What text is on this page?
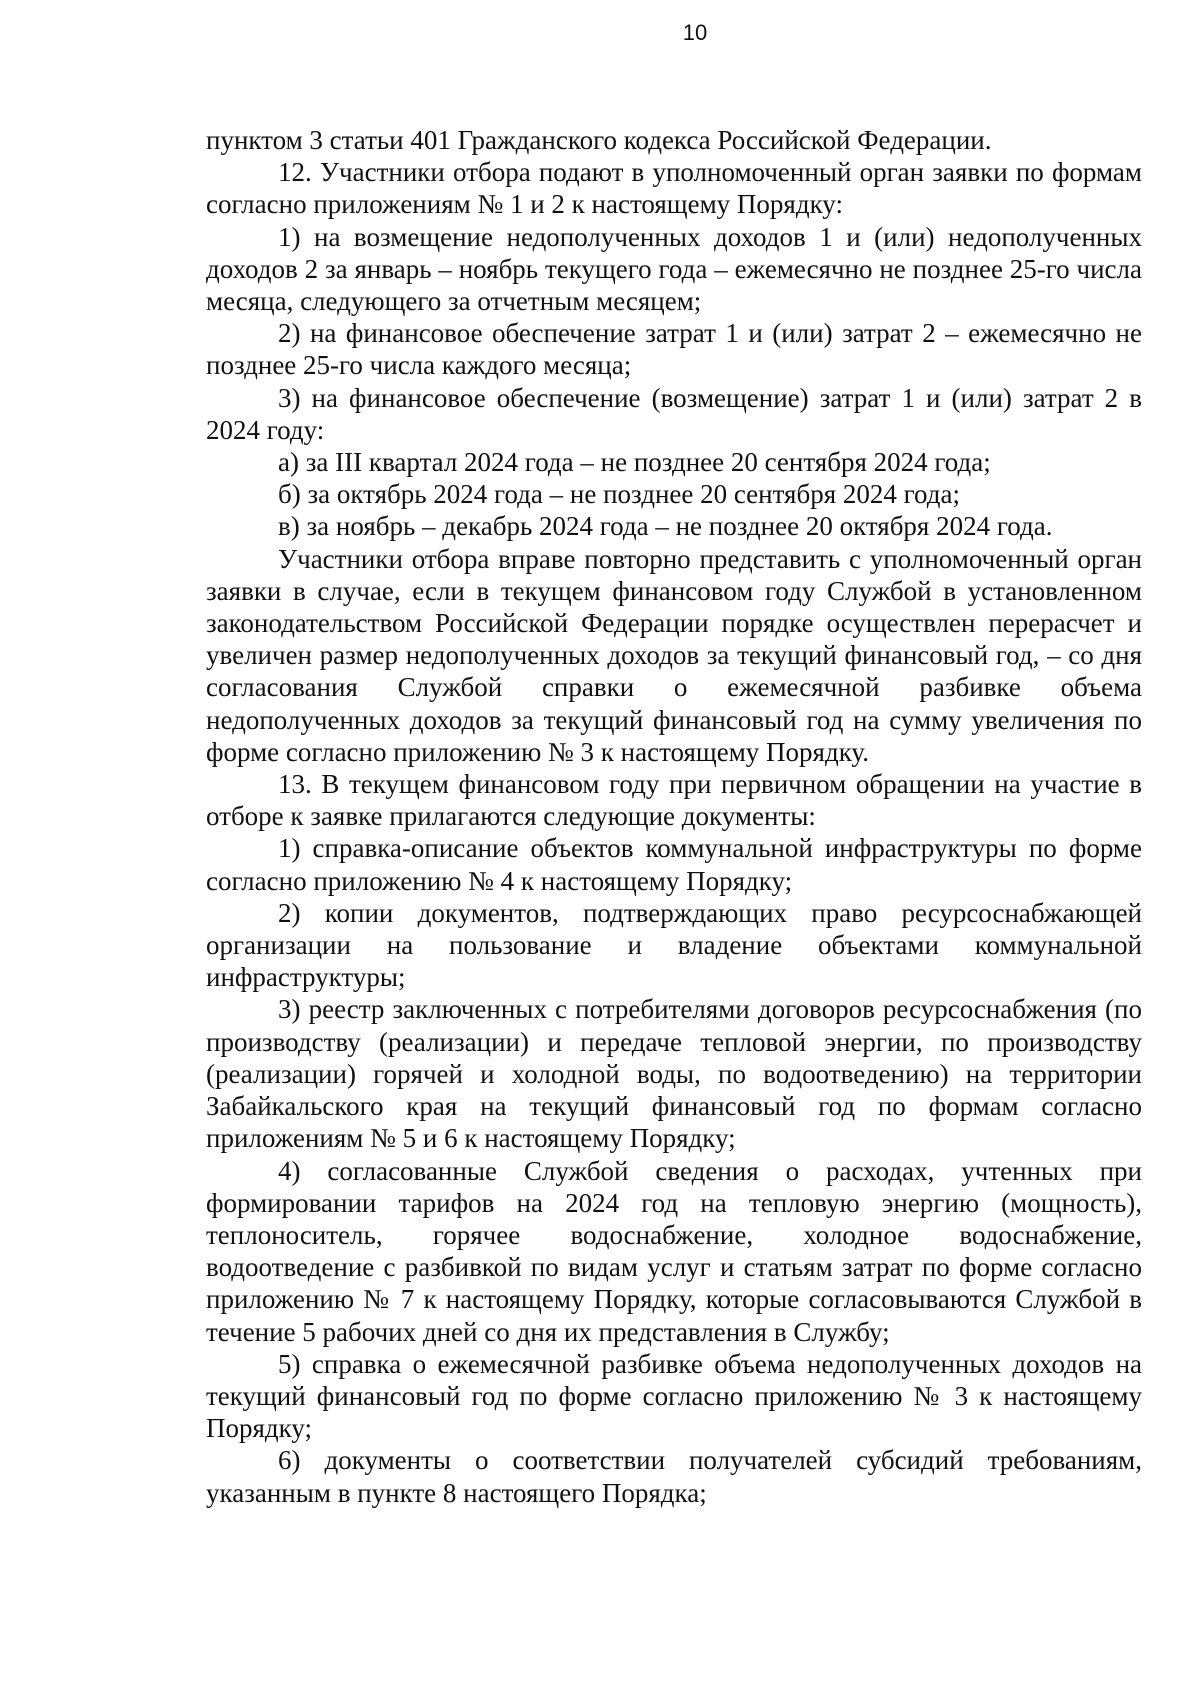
10

пунктом 3 статьи 401 Гражданского кодекса Российской Федерации.

12. Участники отбора подают в уполномоченный орган заявки по формам согласно приложениям № 1 и 2 к настоящему Порядку:

1) на возмещение недополученных доходов 1 и (или) недополученных доходов 2 за январь – ноябрь текущего года – ежемесячно не позднее 25-го числа месяца, следующего за отчетным месяцем;

2) на финансовое обеспечение затрат 1 и (или) затрат 2 – ежемесячно не позднее 25-го числа каждого месяца;

3) на финансовое обеспечение (возмещение) затрат 1 и (или) затрат 2 в 2024 году:

а) за III квартал 2024 года – не позднее 20 сентября 2024 года;

б) за октябрь 2024 года – не позднее 20 сентября 2024 года;

в) за ноябрь – декабрь 2024 года – не позднее 20 октября 2024 года.

Участники отбора вправе повторно представить с уполномоченный орган заявки в случае, если в текущем финансовом году Службой в установленном законодательством Российской Федерации порядке осуществлен перерасчет и увеличен размер недополученных доходов за текущий финансовый год, – со дня согласования Службой справки о ежемесячной разбивке объема недополученных доходов за текущий финансовый год на сумму увеличения по форме согласно приложению № 3 к настоящему Порядку.

13. В текущем финансовом году при первичном обращении на участие в отборе к заявке прилагаются следующие документы:

1) справка-описание объектов коммунальной инфраструктуры по форме согласно приложению № 4 к настоящему Порядку;

2) копии документов, подтверждающих право ресурсоснабжающей организации на пользование и владение объектами коммунальной инфраструктуры;

3) реестр заключенных с потребителями договоров ресурсоснабжения (по производству (реализации) и передаче тепловой энергии, по производству (реализации) горячей и холодной воды, по водоотведению) на территории Забайкальского края на текущий финансовый год по формам согласно приложениям № 5 и 6 к настоящему Порядку;

4) согласованные Службой сведения о расходах, учтенных при формировании тарифов на 2024 год на тепловую энергию (мощность), теплоноситель, горячее водоснабжение, холодное водоснабжение, водоотведение с разбивкой по видам услуг и статьям затрат по форме согласно приложению № 7 к настоящему Порядку, которые согласовываются Службой в течение 5 рабочих дней со дня их представления в Службу;

5) справка о ежемесячной разбивке объема недополученных доходов на текущий финансовый год по форме согласно приложению № 3 к настоящему Порядку;

6) документы о соответствии получателей субсидий требованиям, указанным в пункте 8 настоящего Порядка;
